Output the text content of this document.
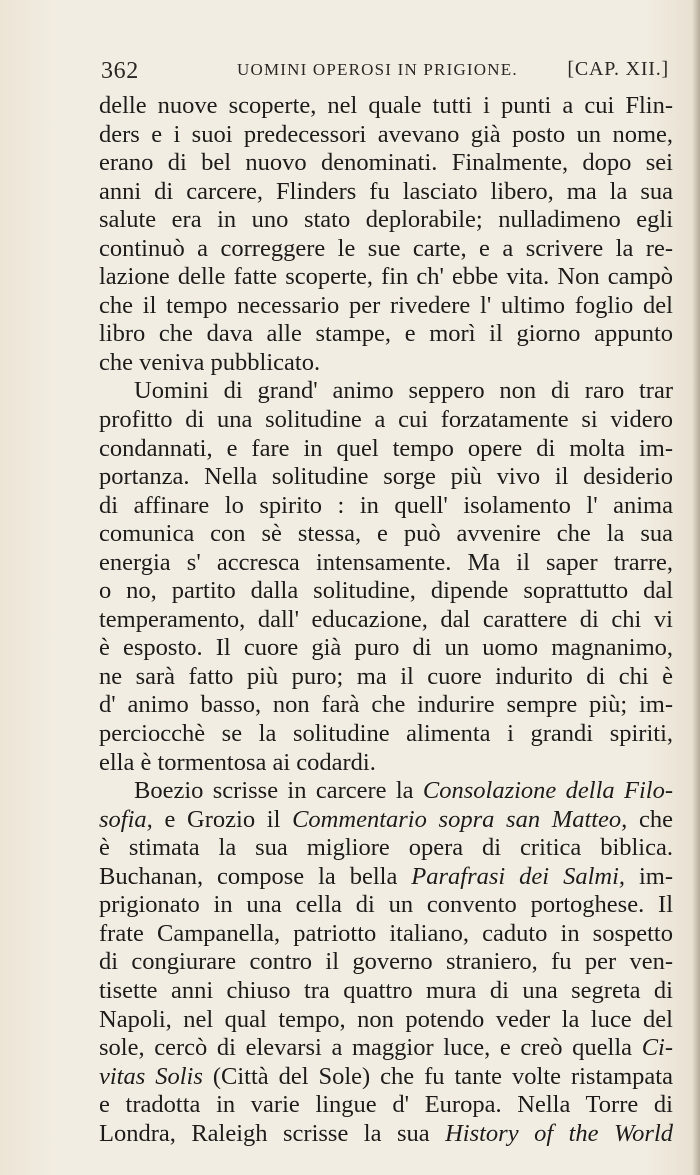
362	UOMINI OPEROSI IN PRIGIONE. [CAP. XII.]
delle nuove scoperte, nel quale tutti i punti a cui Flin-
ders e i suoi predecessori avevano già posto un nome,
erano di bel nuovo denominati. Finalmente, dopo sei
anni di carcere, Flinders fu lasciato libero, ma la sua
salute era in uno stato deplorabile; nulladimeno egli
continuò a correggere le sue carte, e a scrivere la re-
lazione delle fatte scoperte, fin ch' ebbe vita. Non campò
che il tempo necessario per rivedere l' ultimo foglio del
libro che dava alle stampe, e morì il giorno appunto
che veniva pubblicato.
Uomini di grand' animo seppero non di raro trar
profitto di una solitudine a cui forzatamente si videro
condannati, e fare in quel tempo opere di molta im-
portanza. Nella solitudine sorge più vivo il desiderio
di affinare lo spirito : in quell' isolamento l' anima
comunica con sè stessa, e può avvenire che la sua
energia s' accresca intensamente. Ma il saper trarre,
o no, partito dalla solitudine, dipende soprattutto dal
temperamento, dall' educazione, dal carattere di chi vi
è esposto. Il cuore già puro di un uomo magnanimo,
ne sarà fatto più puro; ma il cuore indurito di chi è
d' animo basso, non farà che indurire sempre più; im-
perciocchè se la solitudine alimenta i grandi spiriti,
ella è tormentosa ai codardi.
Boezio scrisse in carcere la Consolazione della Filo-
sofia, e Grozio il Commentario sopra san Matteo, che
è stimata la sua migliore opera di critica biblica.
Buchanan, compose la bella Parafrasi dei Salmi, im-
prigionato in una cella di un convento portoghese. Il
frate Campanella, patriotto italiano, caduto in sospetto
di congiurare contro il governo straniero, fu per ven-
tisette anni chiuso tra quattro mura di una segreta di
Napoli, nel qual tempo, non potendo veder la luce del
sole, cercò di elevarsi a maggior luce, e creò quella Ci-
vitas Solis (Città del Sole) che fu tante volte ristampata
e tradotta in varie lingue d' Europa. Nella Torre di
Londra, Raleigh scrisse la sua History of the World
